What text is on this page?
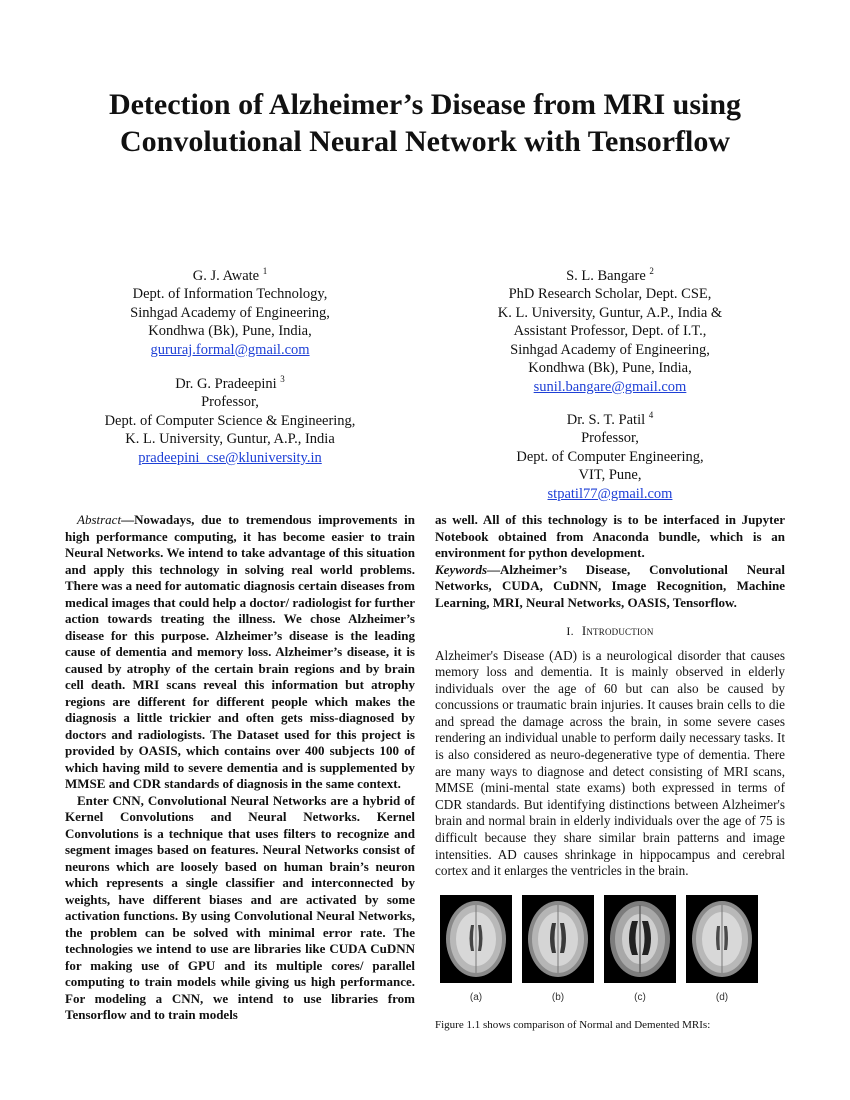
Detection of Alzheimer’s Disease from MRI using Convolutional Neural Network with Tensorflow
G. J. Awate $^1$
Dept. of Information Technology,
Sinhgad Academy of Engineering,
Kondhwa (Bk), Pune, India,
gururaj.formal@gmail.com
S. L. Bangare $^2$
PhD Research Scholar, Dept. CSE,
K. L. University, Guntur, A.P., India &
Assistant Professor, Dept. of I.T.,
Sinhgad Academy of Engineering,
Kondhwa (Bk), Pune, India,
sunil.bangare@gmail.com
Dr. G. Pradeepini $^3$
Professor,
Dept. of Computer Science & Engineering,
K. L. University, Guntur, A.P., India
pradeepini_cse@kluniversity.in
Dr. S. T. Patil $^4$
Professor,
Dept. of Computer Engineering,
VIT, Pune,
stpatil77@gmail.com

Abstract—Nowadays, due to tremendous improvements in high performance computing, it has become easier to train Neural Networks. We intend to take advantage of this situation and apply this technology in solving real world problems. There was a need for automatic diagnosis certain diseases from medical images that could help a doctor/ radiologist for further action towards treating the illness. We chose Alzheimer’s disease for this purpose. Alzheimer’s disease is the leading cause of dementia and memory loss. Alzheimer’s disease, it is caused by atrophy of the certain brain regions and by brain cell death. MRI scans reveal this information but atrophy regions are different for different people which makes the diagnosis a little trickier and often gets miss-diagnosed by doctors and radiologists. The Dataset used for this project is provided by OASIS, which contains over 400 subjects 100 of which having mild to severe dementia and is supplemented by MMSE and CDR standards of diagnosis in the same context.

Enter CNN, Convolutional Neural Networks are a hybrid of Kernel Convolutions and Neural Networks. Kernel Convolutions is a technique that uses filters to recognize and segment images based on features. Neural Networks consist of neurons which are loosely based on human brain’s neuron which represents a single classifier and interconnected by weights, have different biases and are activated by some activation functions. By using Convolutional Neural Networks, the problem can be solved with minimal error rate. The technologies we intend to use are libraries like CUDA CuDNN for making use of GPU and its multiple cores/ parallel computing to train models while giving us high performance. For modeling a CNN, we intend to use libraries from Tensorflow and to train models

as well. All of this technology is to be interfaced in Jupyter Notebook obtained from Anaconda bundle, which is an environment for python development.

Keywords—Alzheimer’s Disease, Convolutional Neural Networks, CUDA, CuDNN, Image Recognition, Machine Learning, MRI, Neural Networks, OASIS, Tensorflow.

I. Introduction

Alzheimer's Disease (AD) is a neurological disorder that causes memory loss and dementia. It is mainly observed in elderly individuals over the age of 60 but can also be caused by concussions or traumatic brain injuries. It causes brain cells to die and spread the damage across the brain, in some severe cases rendering an individual unable to perform daily necessary tasks. It is also considered as neuro-degenerative type of dementia. There are many ways to diagnose and detect consisting of MRI scans, MMSE (mini-mental state exams) both expressed in terms of CDR standards. But identifying distinctions between Alzheimer's brain and normal brain in elderly individuals over the age of 75 is difficult because they share similar brain patterns and image intensities. AD causes shrinkage in hippocampus and cerebral cortex and it enlarges the ventricles in the brain.

(a)	(b)	(c)	(d)
Figure 1.1 shows comparison of Normal and Demented MRIs:
